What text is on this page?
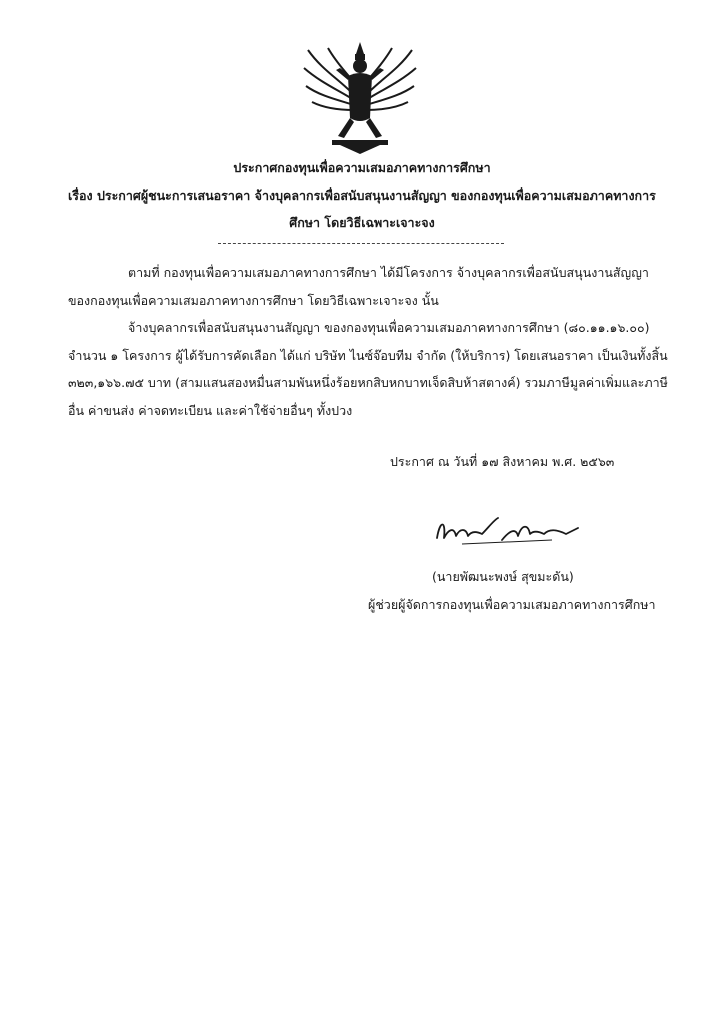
ประกาศกองทุนเพื่อความเสมอภาคทางการศึกษา
เรื่อง ประกาศผู้ชนะการเสนอราคา จ้างบุคลากรเพื่อสนับสนุนงานสัญญา ของกองทุนเพื่อความเสมอภาคทางการ
ศึกษา โดยวิธีเฉพาะเจาะจง
ตามที่ กองทุนเพื่อความเสมอภาคทางการศึกษา ได้มีโครงการ จ้างบุคลากรเพื่อสนับสนุนงานสัญญา
ของกองทุนเพื่อความเสมอภาคทางการศึกษา โดยวิธีเฉพาะเจาะจง นั้น
จ้างบุคลากรเพื่อสนับสนุนงานสัญญา ของกองทุนเพื่อความเสมอภาคทางการศึกษา (๘๐.๑๑.๑๖.๐๐)
จำนวน ๑ โครงการ ผู้ได้รับการคัดเลือก ได้แก่ บริษัท ไนซ์จ๊อบทีม จำกัด (ให้บริการ) โดยเสนอราคา เป็นเงินทั้งสิ้น
๓๒๓,๑๖๖.๗๕ บาท (สามแสนสองหมื่นสามพันหนึ่งร้อยหกสิบหกบาทเจ็ดสิบห้าสตางค์) รวมภาษีมูลค่าเพิ่มและภาษี
อื่น ค่าขนส่ง ค่าจดทะเบียน และค่าใช้จ่ายอื่นๆ ทั้งปวง
ประกาศ ณ วันที่ ๑๗ สิงหาคม พ.ศ. ๒๕๖๓
(นายพัฒนะพงษ์ สุขมะดัน)
ผู้ช่วยผู้จัดการกองทุนเพื่อความเสมอภาคทางการศึกษา
